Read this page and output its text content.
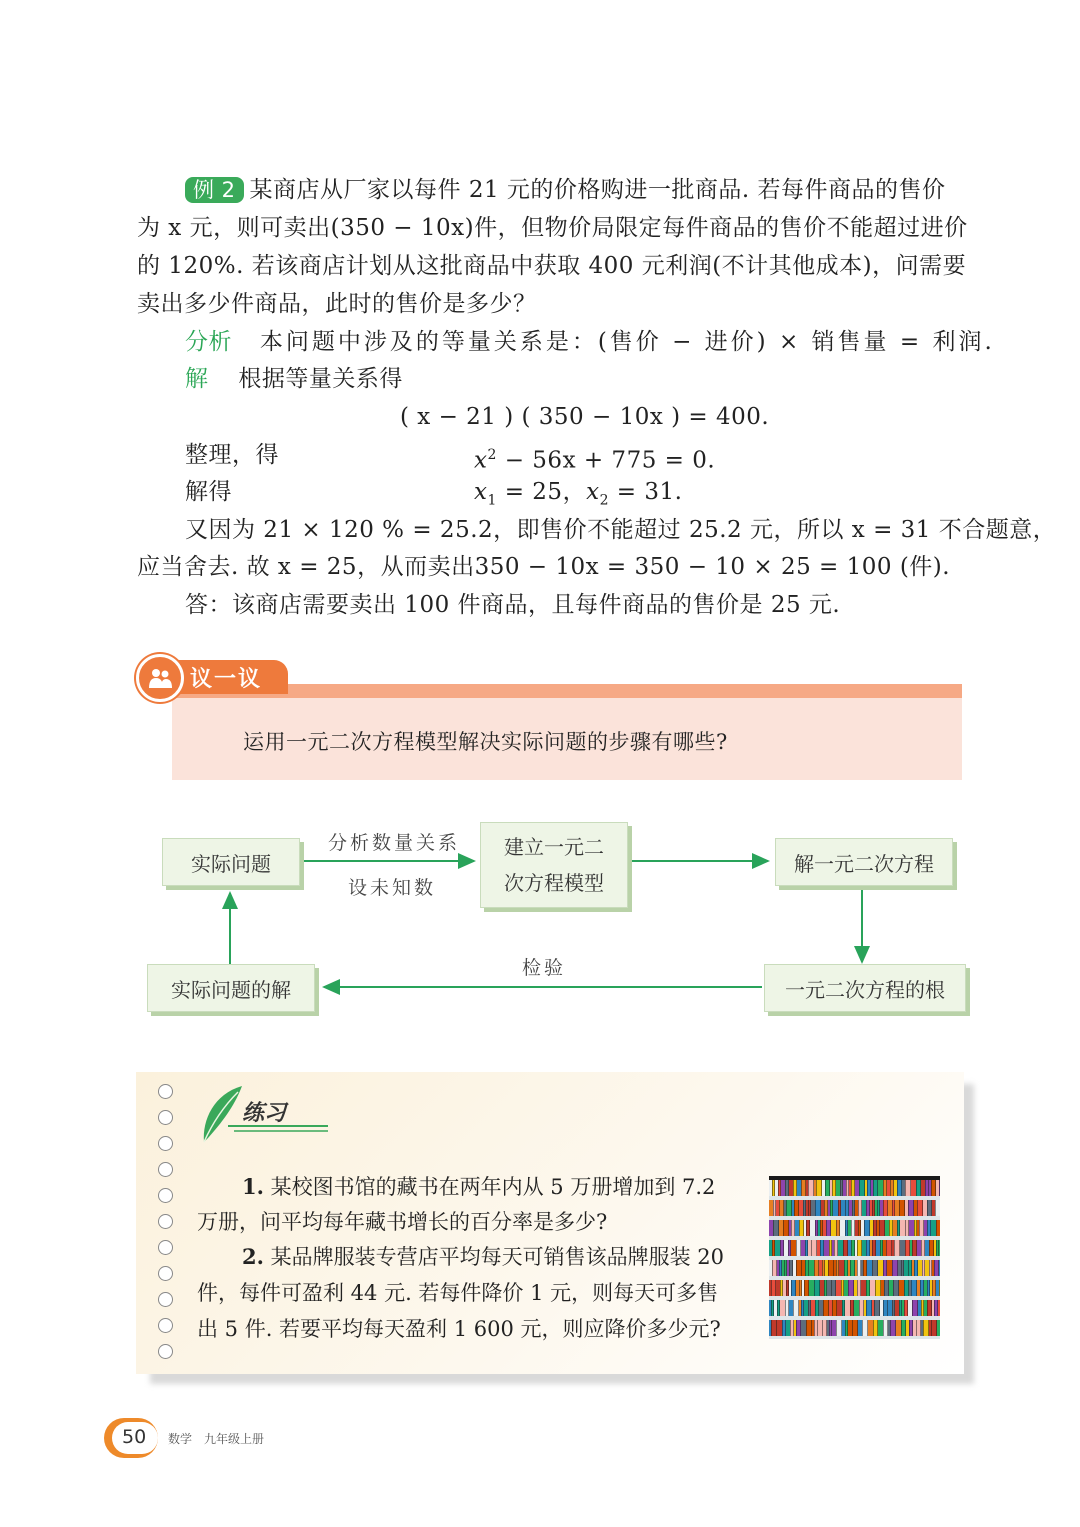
例 2 某商店从厂家以每件 21 元的价格购进一批商品. 若每件商品的售价
为 x 元，则可卖出(350 − 10x)件，但物价局限定每件商品的售价不能超过进价
的 120%. 若该商店计划从这批商品中获取 400 元利润(不计其他成本)，问需要
卖出多少件商品，此时的售价是多少？
分析 本问题中涉及的等量关系是：(售价 − 进价) × 销售量 = 利润.
解 根据等量关系得
( x − 21 ) ( 350 − 10x ) = 400.
整理，得	$x^2 - 56x + 775 = 0$.
解得	$x_1 = 25$，$x_2 = 31$.
又因为 21 × 120 % = 25.2，即售价不能超过 25.2 元，所以 x = 31 不合题意，
应当舍去. 故 x = 25，从而卖出350 − 10x = 350 − 10 × 25 = 100 (件).
答：该商店需要卖出 100 件商品，且每件商品的售价是 25 元.
议一议
运用一元二次方程模型解决实际问题的步骤有哪些?
实际问题
建立一元二
次方程模型
解一元二次方程
一元二次方程的根
实际问题的解
分析数量关系
设未知数
检验
练习
1. 某校图书馆的藏书在两年内从 5 万册增加到 7.2
万册，问平均每年藏书增长的百分率是多少?
2. 某品牌服装专营店平均每天可销售该品牌服装 20
件，每件可盈利 44 元. 若每件降价 1 元，则每天可多售
出 5 件. 若要平均每天盈利 1 600 元，则应降价多少元?
50 数学　九年级上册
